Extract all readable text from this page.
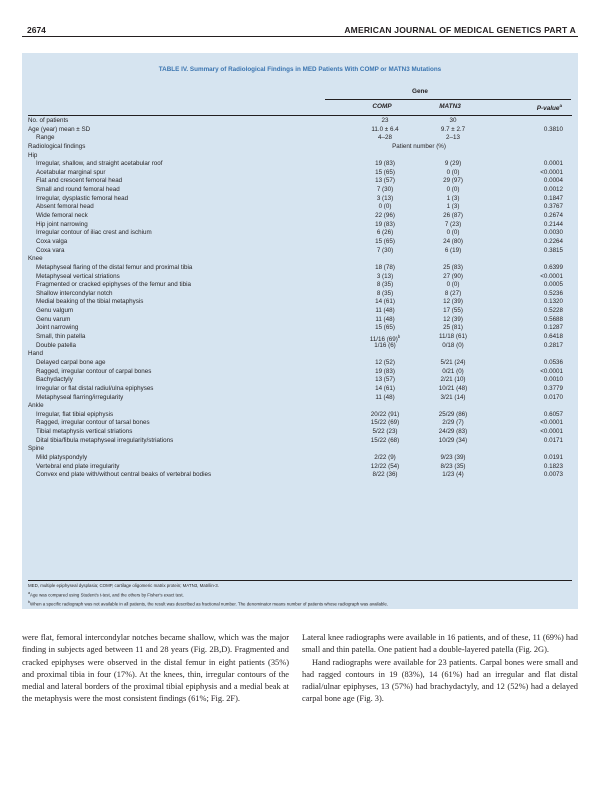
2674	AMERICAN JOURNAL OF MEDICAL GENETICS PART A
TABLE IV. Summary of Radiological Findings in MED Patients With COMP or MATN3 Mutations
Gene
COMP	MATN3	P-value$^a$
No. of patients	23	30
Age (year) mean ± SD	11.0 ± 6.4	9.7 ± 2.7	0.3810
Range	4–28	2–13
Radiological findings	Patient number (%)
Hip
Irregular, shallow, and straight acetabular roof	19 (83)	9 (29)	0.0001
Acetabular marginal spur	15 (65)	0 (0)	<0.0001
Flat and crescent femoral head	13 (57)	29 (97)	0.0004
Small and round femoral head	7 (30)	0 (0)	0.0012
Irregular, dysplastic femoral head	3 (13)	1 (3)	0.1847
Absent femoral head	0 (0)	1 (3)	0.3767
Wide femoral neck	22 (96)	26 (87)	0.2674
Hip joint narrowing	19 (83)	7 (23)	0.2144
Irregular contour of iliac crest and ischium	6 (26)	0 (0)	0.0030
Coxa valga	15 (65)	24 (80)	0.2264
Coxa vara	7 (30)	6 (19)	0.3815
Knee
Metaphyseal flaring of the distal femur and proximal tibia	18 (78)	25 (83)	0.6399
Metaphyseal vertical striations	3 (13)	27 (90)	<0.0001
Fragmented or cracked epiphyses of the femur and tibia	8 (35)	0 (0)	0.0005
Shallow intercondylar notch	8 (35)	8 (27)	0.5236
Medial beaking of the tibial metaphysis	14 (61)	12 (39)	0.1320
Genu valgum	11 (48)	17 (55)	0.5228
Genu varum	11 (48)	12 (39)	0.5688
Joint narrowing	15 (65)	25 (81)	0.1287
Small, thin patella	11/16 $(69)^b$	11/18 (61)	0.6418
Double patella	1/16 (6)	0/18 (0)	0.2817
Hand
Delayed carpal bone age	12 (52)	5/21 (24)	0.0536
Ragged, irregular contour of carpal bones	19 (83)	0/21 (0)	<0.0001
Bachydactyly	13 (57)	2/21 (10)	0.0010
Irregular or flat distal radiul/ulna epiphyses	14 (61)	10/21 (48)	0.3779
Metaphyseal flarring/irregularity	11 (48)	3/21 (14)	0.0170
Ankle
Irregular, flat tibial epiphysis	20/22 (91)	25/29 (86)	0.6057
Ragged, irregular contour of tarsal bones	15/22 (69)	2/29 (7)	<0.0001
Tibial metaphysis vertical striations	5/22 (23)	24/29 (83)	<0.0001
Dital tibia/fibula metaphyseal irregularity/striations	15/22 (68)	10/29 (34)	0.0171
Spine
Mild platyspondyly	2/22 (9)	9/23 (39)	0.0191
Vertebral end plate irregularity	12/22 (54)	8/23 (35)	0.1823
Convex end plate with/without central beaks of vertebral bodies	8/22 (36)	1/23 (4)	0.0073
MED, multiple epiphyseal dysplasia; COMP, cartilage oligomeric matrix protein; MATN3, Matrilin-3.
$^a$Age was compared using Student's t-test, and the others by Fisher's exact test.
$^b$When a specific radiograph was not available in all patients, the result was described as fractional number. The denominator means number of patients whose radiograph was available.

were flat, femoral intercondylar notches became shallow, which was the major finding in subjects aged between 11 and 28 years (Fig. 2B,D). Fragmented and cracked epiphyses were observed in the distal femur in eight patients (35%) and proximal tibia in four (17%). At the knees, thin, irregular contours of the medial and lateral borders of the proximal tibial epiphysis and a medial beak at the metaphysis were the most consistent findings (61%; Fig. 2F).

Lateral knee radiographs were available in 16 patients, and of these, 11 (69%) had small and thin patella. One patient had a double-layered patella (Fig. 2G).

Hand radiographs were available for 23 patients. Carpal bones were small and had ragged contours in 19 (83%), 14 (61%) had an irregular and flat distal radial/ulnar epiphyses, 13 (57%) had brachydactyly, and 12 (52%) had a delayed carpal bone age (Fig. 3).
